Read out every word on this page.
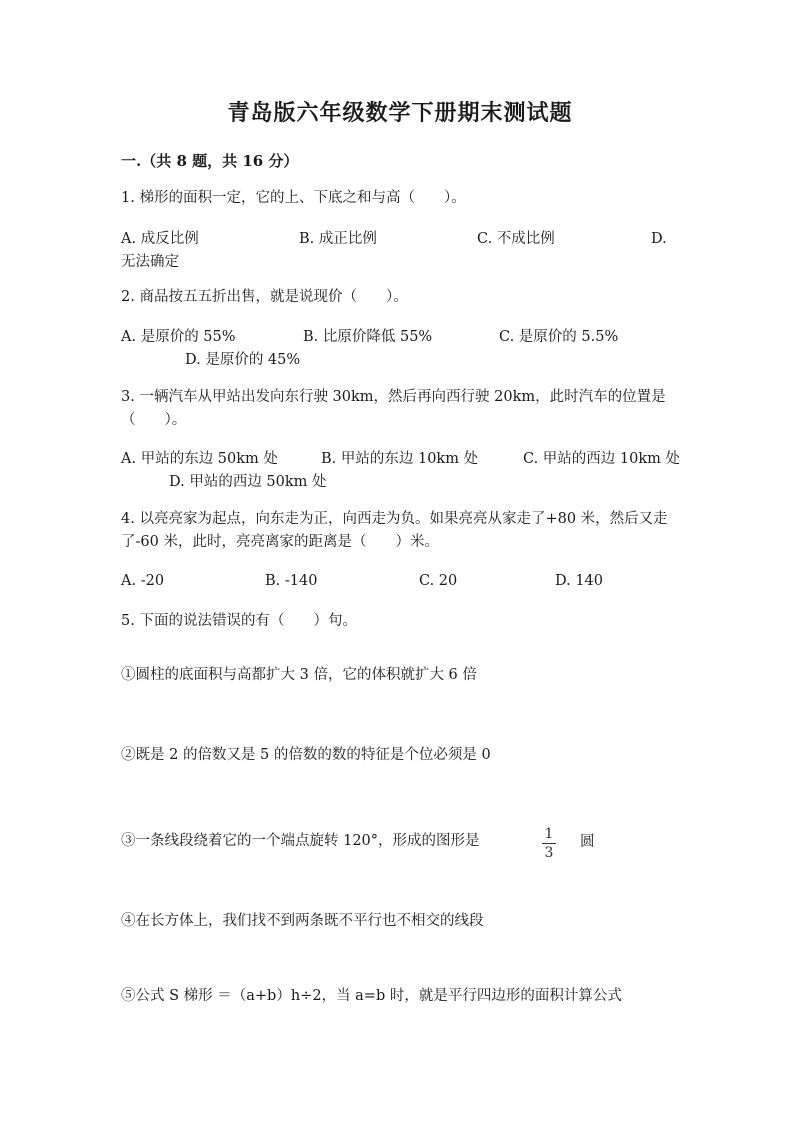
青岛版六年级数学下册期末测试题
一.（共 8 题，共 16 分）
1. 梯形的面积一定，它的上、下底之和与高（　　）。
A. 成反比例	B. 成正比例	C. 不成比例	D.
无法确定
2. 商品按五五折出售，就是说现价（　　）。
A. 是原价的 55%	B. 比原价降低 55%	C. 是原价的 5.5%
D. 是原价的 45%
3. 一辆汽车从甲站出发向东行驶 30km，然后再向西行驶 20km，此时汽车的位置是（　　）。
A. 甲站的东边 50km 处	B. 甲站的东边 10km 处	C. 甲站的西边 10km 处
D. 甲站的西边 50km 处
4. 以亮亮家为起点，向东走为正，向西走为负。如果亮亮从家走了+80 米，然后又走了-60 米，此时，亮亮离家的距离是（　　）米。
A. -20	B. -140	C. 20	D. 140
5. 下面的说法错误的有（　　）句。
①圆柱的底面积与高都扩大 3 倍，它的体积就扩大 6 倍
②既是 2 的倍数又是 5 的倍数的数的特征是个位必须是 0
③一条线段绕着它的一个端点旋转 120°，形成的图形是	1
3
圆
④在长方体上，我们找不到两条既不平行也不相交的线段
⑤公式 S 梯形 ＝（a+b）h÷2，当 a=b 时，就是平行四边形的面积计算公式
